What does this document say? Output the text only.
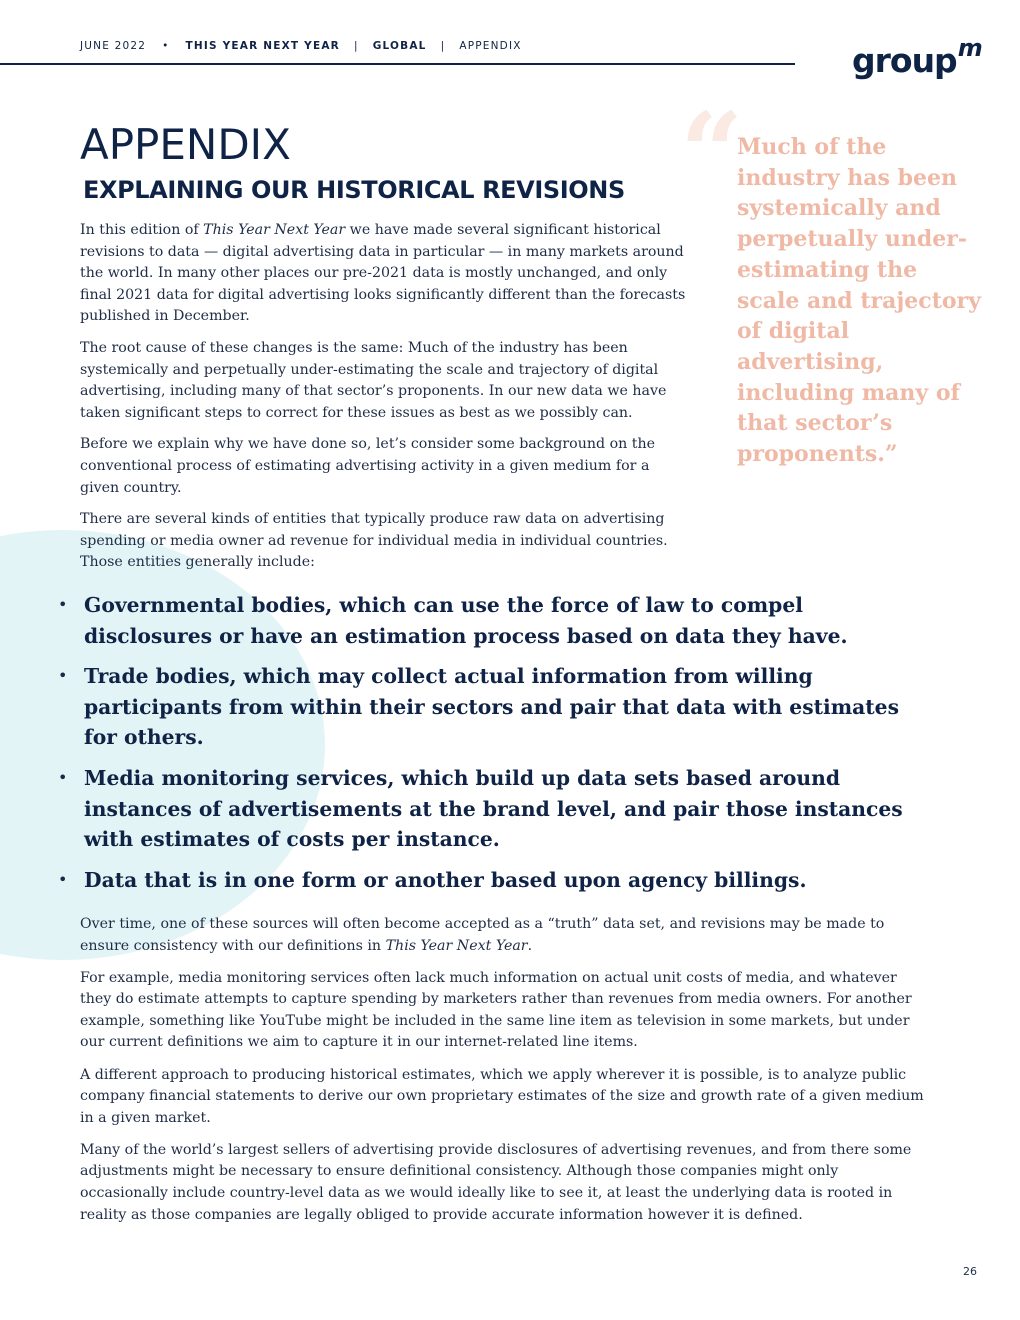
JUNE 2022 • THIS YEAR NEXT YEAR | GLOBAL | APPENDIX	group$^m$
APPENDIX
EXPLAINING OUR HISTORICAL REVISIONS

In this edition of This Year Next Year we have made several significant historical revisions to data — digital advertising data in particular — in many markets around the world. In many other places our pre-2021 data is mostly unchanged, and only final 2021 data for digital advertising looks significantly different than the forecasts published in December.

The root cause of these changes is the same: Much of the industry has been systemically and perpetually under-estimating the scale and trajectory of digital advertising, including many of that sector’s proponents. In our new data we have taken significant steps to correct for these issues as best as we possibly can.

Before we explain why we have done so, let’s consider some background on the conventional process of estimating advertising activity in a given medium for a given country.

There are several kinds of entities that typically produce raw data on advertising spending or media owner ad revenue for individual media in individual countries. Those entities generally include:

“

Much of the industry has been systemically and perpetually under-estimating the scale and trajectory of digital advertising, including many of that sector’s proponents.”

• Governmental bodies, which can use the force of law to compel disclosures or have an estimation process based on data they have.
• Trade bodies, which may collect actual information from willing participants from within their sectors and pair that data with estimates for others.
• Media monitoring services, which build up data sets based around instances of advertisements at the brand level, and pair those instances with estimates of costs per instance.
• Data that is in one form or another based upon agency billings.

Over time, one of these sources will often become accepted as a “truth” data set, and revisions may be made to ensure consistency with our definitions in This Year Next Year.

For example, media monitoring services often lack much information on actual unit costs of media, and whatever they do estimate attempts to capture spending by marketers rather than revenues from media owners. For another example, something like YouTube might be included in the same line item as television in some markets, but under our current definitions we aim to capture it in our internet-related line items.

A different approach to producing historical estimates, which we apply wherever it is possible, is to analyze public company financial statements to derive our own proprietary estimates of the size and growth rate of a given medium in a given market.

Many of the world’s largest sellers of advertising provide disclosures of advertising revenues, and from there some adjustments might be necessary to ensure definitional consistency. Although those companies might only occasionally include country-level data as we would ideally like to see it, at least the underlying data is rooted in reality as those companies are legally obliged to provide accurate information however it is defined.

26
